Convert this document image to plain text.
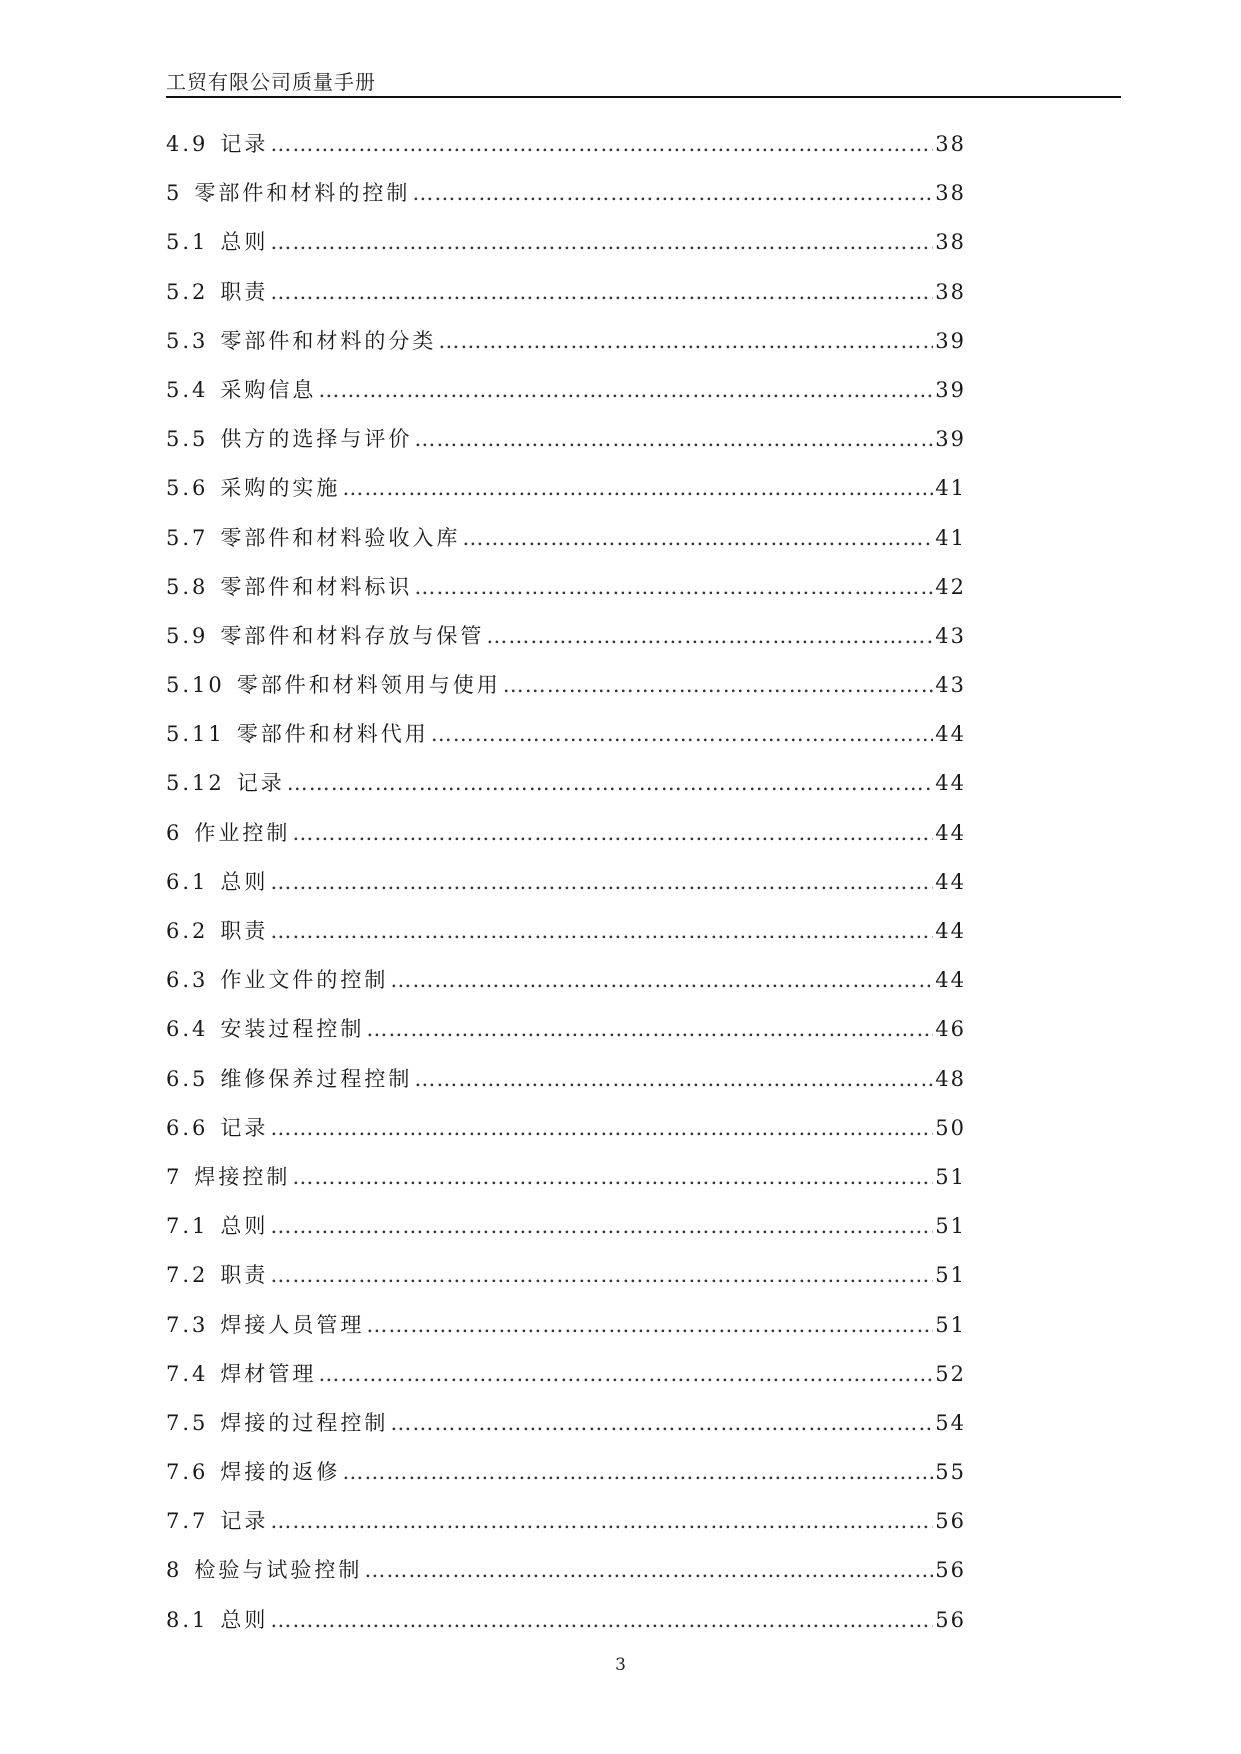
工贸有限公司质量手册
4.9 记录 ……………………………………………………………………………………………………………………………………………………………………………………………………	38
5 零部件和材料的控制 ……………………………………………………………………………………………………………………………………………………………………………………………………	38
5.1 总则 ……………………………………………………………………………………………………………………………………………………………………………………………………	38
5.2 职责 ……………………………………………………………………………………………………………………………………………………………………………………………………	38
5.3 零部件和材料的分类 ……………………………………………………………………………………………………………………………………………………………………………………………………	39
5.4 采购信息 ……………………………………………………………………………………………………………………………………………………………………………………………………	39
5.5 供方的选择与评价 ……………………………………………………………………………………………………………………………………………………………………………………………………	39
5.6 采购的实施 ……………………………………………………………………………………………………………………………………………………………………………………………………	41
5.7 零部件和材料验收入库 ……………………………………………………………………………………………………………………………………………………………………………………………………	41
5.8 零部件和材料标识 ……………………………………………………………………………………………………………………………………………………………………………………………………	42
5.9 零部件和材料存放与保管 ……………………………………………………………………………………………………………………………………………………………………………………………………	43
5.10 零部件和材料领用与使用 ……………………………………………………………………………………………………………………………………………………………………………………………………	43
5.11 零部件和材料代用 ……………………………………………………………………………………………………………………………………………………………………………………………………	44
5.12 记录 ……………………………………………………………………………………………………………………………………………………………………………………………………	44
6 作业控制 ……………………………………………………………………………………………………………………………………………………………………………………………………	44
6.1 总则 ……………………………………………………………………………………………………………………………………………………………………………………………………	44
6.2 职责 ……………………………………………………………………………………………………………………………………………………………………………………………………	44
6.3 作业文件的控制 ……………………………………………………………………………………………………………………………………………………………………………………………………	44
6.4 安装过程控制 ……………………………………………………………………………………………………………………………………………………………………………………………………	46
6.5 维修保养过程控制 ……………………………………………………………………………………………………………………………………………………………………………………………………	48
6.6 记录 ……………………………………………………………………………………………………………………………………………………………………………………………………	50
7 焊接控制 ……………………………………………………………………………………………………………………………………………………………………………………………………	51
7.1 总则 ……………………………………………………………………………………………………………………………………………………………………………………………………	51
7.2 职责 ……………………………………………………………………………………………………………………………………………………………………………………………………	51
7.3 焊接人员管理 ……………………………………………………………………………………………………………………………………………………………………………………………………	51
7.4 焊材管理 ……………………………………………………………………………………………………………………………………………………………………………………………………	52
7.5 焊接的过程控制 ……………………………………………………………………………………………………………………………………………………………………………………………………	54
7.6 焊接的返修 ……………………………………………………………………………………………………………………………………………………………………………………………………	55
7.7 记录 ……………………………………………………………………………………………………………………………………………………………………………………………………	56
8 检验与试验控制 ……………………………………………………………………………………………………………………………………………………………………………………………………	56
8.1 总则 ……………………………………………………………………………………………………………………………………………………………………………………………………	56
3
